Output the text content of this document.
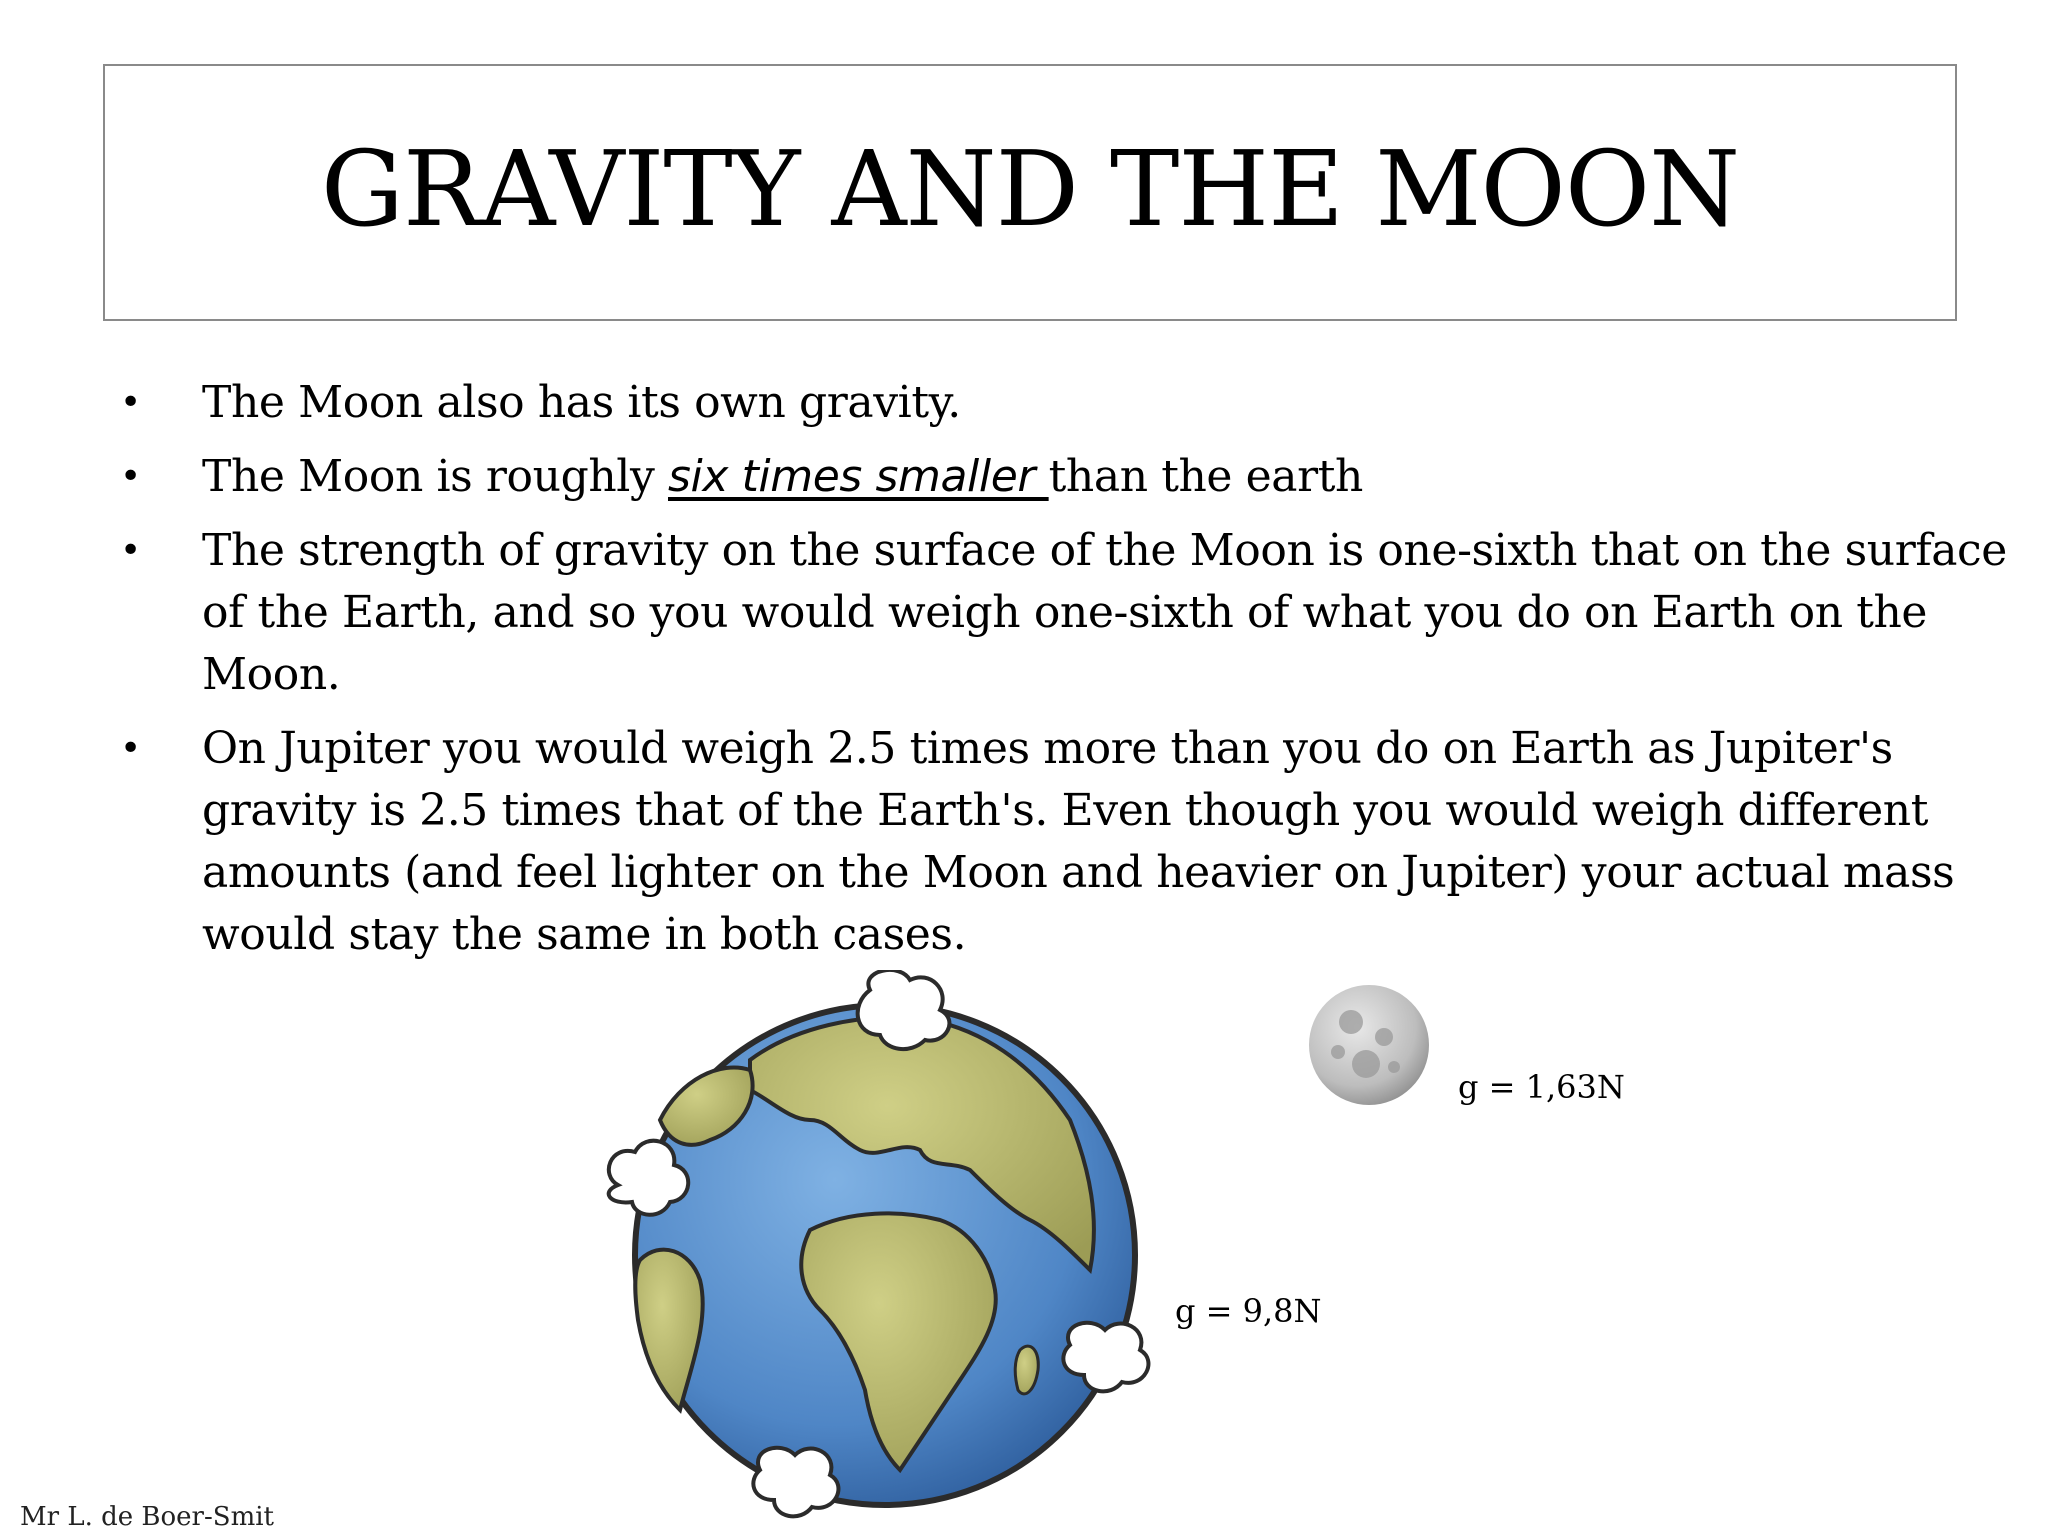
GRAVITY AND THE MOON
• The Moon also has its own gravity.
• The Moon is roughly six times smaller than the earth
• The strength of gravity on the surface of the Moon is one-sixth that on the surface of the Earth, and so you would weigh one-sixth of what you do on Earth on the Moon.
• On Jupiter you would weigh 2.5 times more than you do on Earth as Jupiter's gravity is 2.5 times that of the Earth's. Even though you would weigh different amounts (and feel lighter on the Moon and heavier on Jupiter) your actual mass would stay the same in both cases.
g = 1,63N
g = 9,8N
Mr L. de Boer-Smit
